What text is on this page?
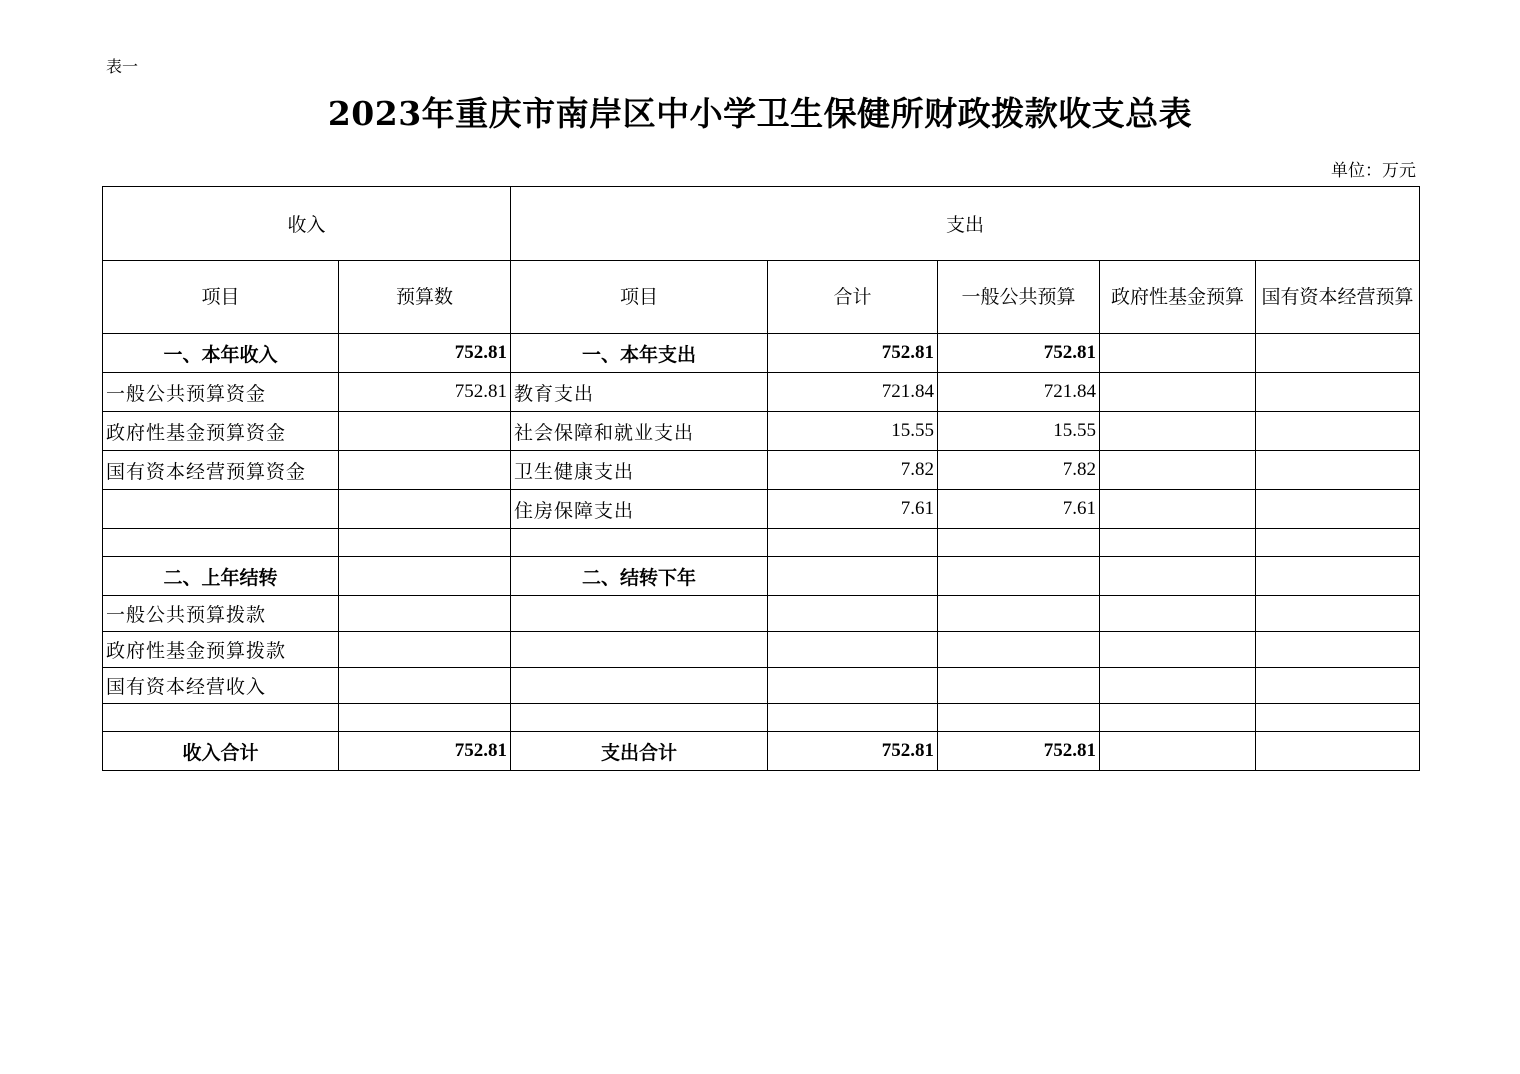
表一
2023年重庆市南岸区中小学卫生保健所财政拨款收支总表
单位：万元
收入		支出				
项目	预算数	项目	合计	一般公共预算	政府性基金预算	国有资本经营预算
一、本年收入	752.81	一、本年支出	752.81	752.81		
一般公共预算资金	752.81	教育支出	721.84	721.84		
政府性基金预算资金		社会保障和就业支出	15.55	15.55		
国有资本经营预算资金		卫生健康支出	7.82	7.82		
		住房保障支出	7.61	7.61		

二、上年结转		二、结转下年				
一般公共预算拨款						
政府性基金预算拨款						
国有资本经营收入						

收入合计	752.81	支出合计	752.81	752.81		
